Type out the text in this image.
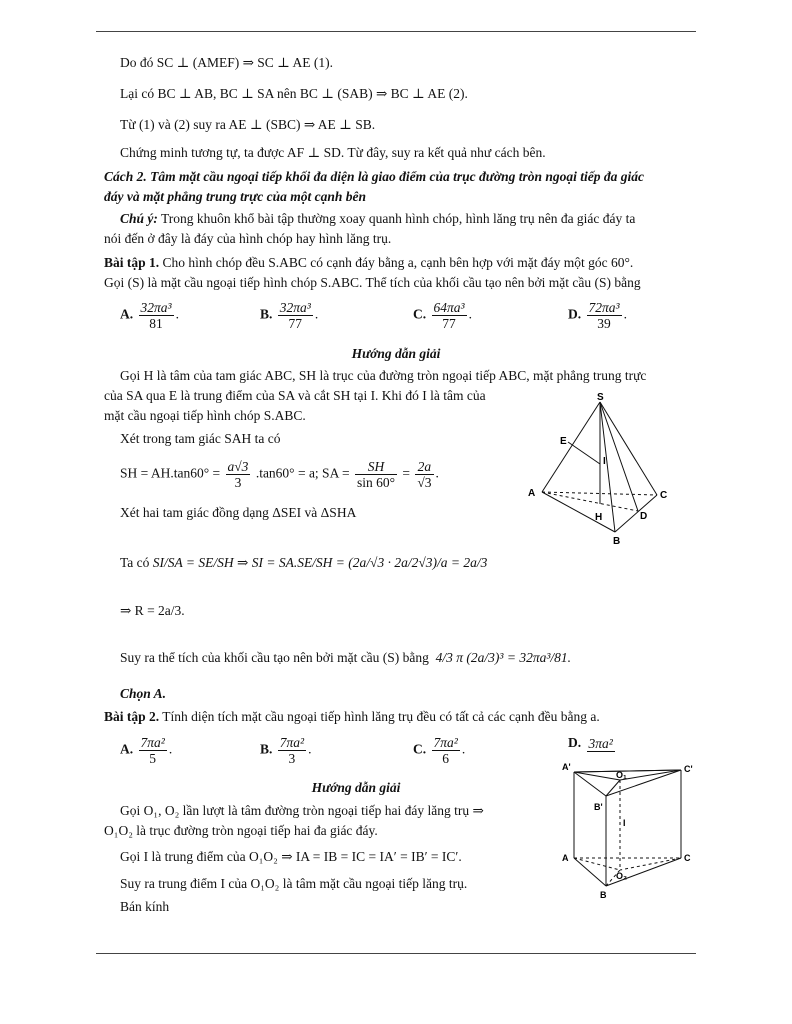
Do đó SC ⊥ (AMEF) ⇒ SC ⊥ AE (1).
Lại có BC ⊥ AB, BC ⊥ SA nên BC ⊥ (SAB) ⇒ BC ⊥ AE (2).
Từ (1) và (2) suy ra AE ⊥ (SBC) ⇒ AE ⊥ SB.
Chứng minh tương tự, ta được AF ⊥ SD. Từ đây, suy ra kết quả như cách bên.
Cách 2. Tâm mặt cầu ngoại tiếp khối đa diện là giao điểm của trục đường tròn ngoại tiếp đa giác
đáy và mặt phẳng trung trực của một cạnh bên
Chú ý: Trong khuôn khổ bài tập thường xoay quanh hình chóp, hình lăng trụ nên đa giác đáy ta
nói đến ở đây là đáy của hình chóp hay hình lăng trụ.
Bài tập 1. Cho hình chóp đều S.ABC có cạnh đáy bằng a, cạnh bên hợp với mặt đáy một góc 60°.
Gọi (S) là mặt cầu ngoại tiếp hình chóp S.ABC. Thể tích của khối cầu tạo nên bởi mặt cầu (S) bằng
A. $\frac{\text{32πa³}}{81}$ .	B. $\frac{\text{32πa³}}{77}$ .	C. $\frac{\text{64πa³}}{77}$ .	D. $\frac{\text{72πa³}}{39}$ .
Hướng dẫn giải
Gọi H là tâm của tam giác ABC, SH là trục của đường tròn ngoại tiếp ABC, mặt phẳng trung trực
của SA qua E là trung điểm của SA và cắt SH tại I. Khi đó I là tâm của
mặt cầu ngoại tiếp hình chóp S.ABC.
Xét trong tam giác SAH ta có
SH = $AH.\tan 60^\circ = \frac{a√3}{3} .\tan 60^\circ = a$; SA = $\frac{SH}{\sin 60^\circ} = \frac{2a}{√3}$ .
Xét hai tam giác đồng dạng ΔSEI và ΔSHA
Ta có SI/SA = SE/SH ⇒ SI = SA.SE/SH = (2a/√3 · 2a/2√3)/a = 2a/3
⇒ R = 2a/3.
Suy ra thể tích của khối cầu tạo nên bởi mặt cầu (S) bằng 4/3 π (2a/3)³ = 32πa³/81.
Chọn A.
Bài tập 2. Tính diện tích mặt cầu ngoại tiếp hình lăng trụ đều có tất cả các cạnh đều bằng a.
A. $\frac{\text{7πa²}}{5}$ .	B. $\frac{\text{7πa²}}{3}$ .	C. $\frac{\text{7πa²}}{6}$ .	D. 3πa²
Hướng dẫn giải
Gọi O₁, O₂ lần lượt là tâm đường tròn ngoại tiếp hai đáy lăng trụ ⇒
O₁O₂ là trục đường tròn ngoại tiếp hai đa giác đáy.
Gọi I là trung điểm của O₁O₂ ⇒ IA = IB = IC = IA′ = IB′ = IC′.
Suy ra trung điểm I của O₁O₂ là tâm mặt cầu ngoại tiếp lăng trụ.
Bán kính
S
E
I
A	C
H	D
B
A'	C'
O₁
B'
I
A	C
O₂
B
